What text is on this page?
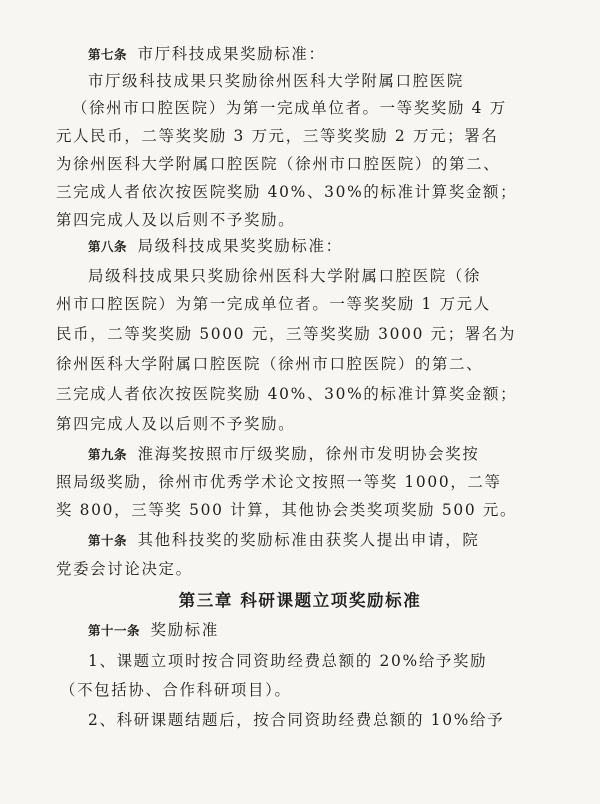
第七条 市厅科技成果奖励标准：
市厅级科技成果只奖励徐州医科大学附属口腔医院
（徐州市口腔医院）为第一完成单位者。一等奖奖励 4 万
元人民币，二等奖奖励 3 万元，三等奖奖励 2 万元；署名
为徐州医科大学附属口腔医院（徐州市口腔医院）的第二、
三完成人者依次按医院奖励 40%、30%的标准计算奖金额；
第四完成人及以后则不予奖励。
第八条 局级科技成果奖奖励标准：
局级科技成果只奖励徐州医科大学附属口腔医院（徐
州市口腔医院）为第一完成单位者。一等奖奖励 1 万元人
民币，二等奖奖励 5000 元，三等奖奖励 3000 元；署名为
徐州医科大学附属口腔医院（徐州市口腔医院）的第二、
三完成人者依次按医院奖励 40%、30%的标准计算奖金额；
第四完成人及以后则不予奖励。
第九条 淮海奖按照市厅级奖励，徐州市发明协会奖按
照局级奖励，徐州市优秀学术论文按照一等奖 1000，二等
奖 800，三等奖 500 计算，其他协会类奖项奖励 500 元。
第三章 科研课题立项奖励标准
第十一条 奖励标准
1、课题立项时按合同资助经费总额的 20%给予奖励
（不包括协、合作科研项目）。
2、科研课题结题后，按合同资助经费总额的 10%给予
第十条 其他科技奖的奖励标准由获奖人提出申请，院
党委会讨论决定。
